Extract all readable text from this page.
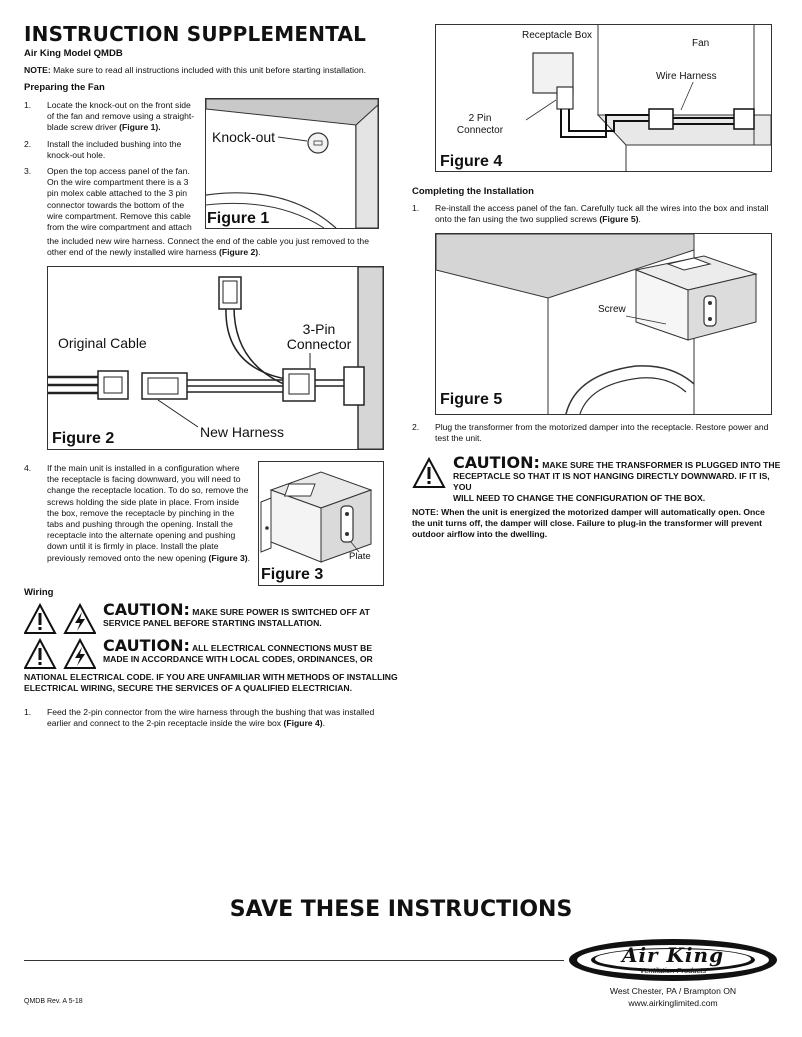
INSTRUCTION SUPPLEMENTAL
Air King Model QMDB
NOTE: Make sure to read all instructions included with this unit before starting installation.
Preparing the Fan
1. Locate the knock-out on the front side
of the fan and remove using a straight-
blade screw driver (Figure 1).
2. Install the included bushing into the
knock-out hole.
3. Open the top access panel of the fan.
On the wire compartment there is a 3
pin molex cable attached to the 3 pin
connector towards the bottom of the
wire compartment. Remove this cable
from the wire compartment and attach
the included new wire harness. Connect the end of the cable you just removed to the
other end of the newly installed wire harness (Figure 2).
Knock-out
Figure 1
Original Cable
3-Pin
Connector
New Harness
Figure 2
4. If the main unit is installed in a configuration where
the receptacle is facing downward, you will need to
change the receptacle location. To do so, remove the
screws holding the side plate in place. From inside
the box, remove the receptacle by pinching in the
tabs and pushing through the opening. Install the
receptacle into the alternate opening and pushing
down until it is firmly in place. Install the plate
previously removed onto the new opening (Figure 3).	Plate
Figure 3
Wiring
CAUTION: MAKE SURE POWER IS SWITCHED OFF AT
SERVICE PANEL BEFORE STARTING INSTALLATION.
CAUTION: ALL ELECTRICAL CONNECTIONS MUST BE
MADE IN ACCORDANCE WITH LOCAL CODES, ORDINANCES, OR
NATIONAL ELECTRICAL CODE. IF YOU ARE UNFAMILIAR WITH METHODS OF INSTALLING
ELECTRICAL WIRING, SECURE THE SERVICES OF A QUALIFIED ELECTRICIAN.
1. Feed the 2-pin connector from the wire harness through the bushing that was installed
earlier and connect to the 2-pin receptacle inside the wire box (Figure 4).
Receptacle Box
Fan
Wire Harness
2 Pin
Connector
Figure 4
Completing the Installation
1. Re-install the access panel of the fan. Carefully tuck all the wires into the box and install
onto the fan using the two supplied screws (Figure 5).
Screw
Figure 5
2. Plug the transformer from the motorized damper into the receptacle. Restore power and
test the unit.
CAUTION: MAKE SURE THE TRANSFORMER IS PLUGGED INTO THE
RECEPTACLE SO THAT IT IS NOT HANGING DIRECTLY DOWNWARD. IF IT IS, YOU
WILL NEED TO CHANGE THE CONFIGURATION OF THE BOX.
NOTE: When the unit is energized the motorized damper will automatically open. Once
the unit turns off, the damper will close. Failure to plug-in the transformer will prevent
outdoor airflow into the dwelling.
SAVE THESE INSTRUCTIONS
Air King
Ventilation Products
West Chester, PA / Brampton ON
www.airkinglimited.com
QMDB Rev. A 5-18
